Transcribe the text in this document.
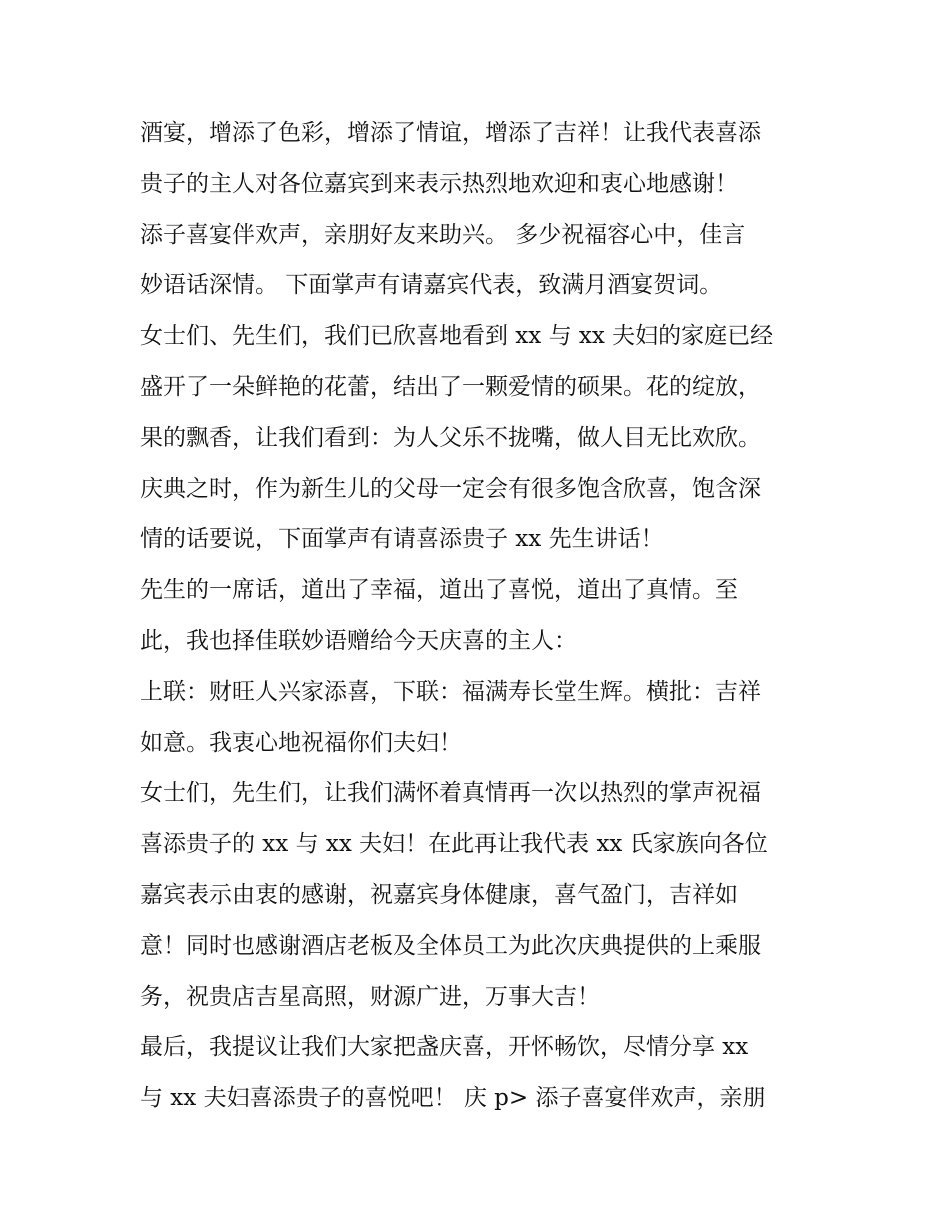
酒宴，增添了色彩，增添了情谊，增添了吉祥！让我代表喜添
贵子的主人对各位嘉宾到来表示热烈地欢迎和衷心地感谢！
添子喜宴伴欢声，亲朋好友来助兴。 多少祝福容心中，佳言
妙语话深情。 下面掌声有请嘉宾代表，致满月酒宴贺词。
女士们、先生们，我们已欣喜地看到 xx 与 xx 夫妇的家庭已经
盛开了一朵鲜艳的花蕾，结出了一颗爱情的硕果。花的绽放，
果的飘香，让我们看到：为人父乐不拢嘴，做人目无比欢欣。
庆典之时，作为新生儿的父母一定会有很多饱含欣喜，饱含深
情的话要说，下面掌声有请喜添贵子 xx 先生讲话！
先生的一席话，道出了幸福，道出了喜悦，道出了真情。至
此，我也择佳联妙语赠给今天庆喜的主人：
上联：财旺人兴家添喜，下联：福满寿长堂生辉。横批：吉祥
如意。我衷心地祝福你们夫妇！
女士们，先生们，让我们满怀着真情再一次以热烈的掌声祝福
喜添贵子的 xx 与 xx 夫妇！在此再让我代表 xx 氏家族向各位
嘉宾表示由衷的感谢，祝嘉宾身体健康，喜气盈门，吉祥如
意！同时也感谢酒店老板及全体员工为此次庆典提供的上乘服
务，祝贵店吉星高照，财源广进，万事大吉！
最后，我提议让我们大家把盏庆喜，开怀畅饮，尽情分享 xx
与 xx 夫妇喜添贵子的喜悦吧！ 庆 p> 添子喜宴伴欢声，亲朋
